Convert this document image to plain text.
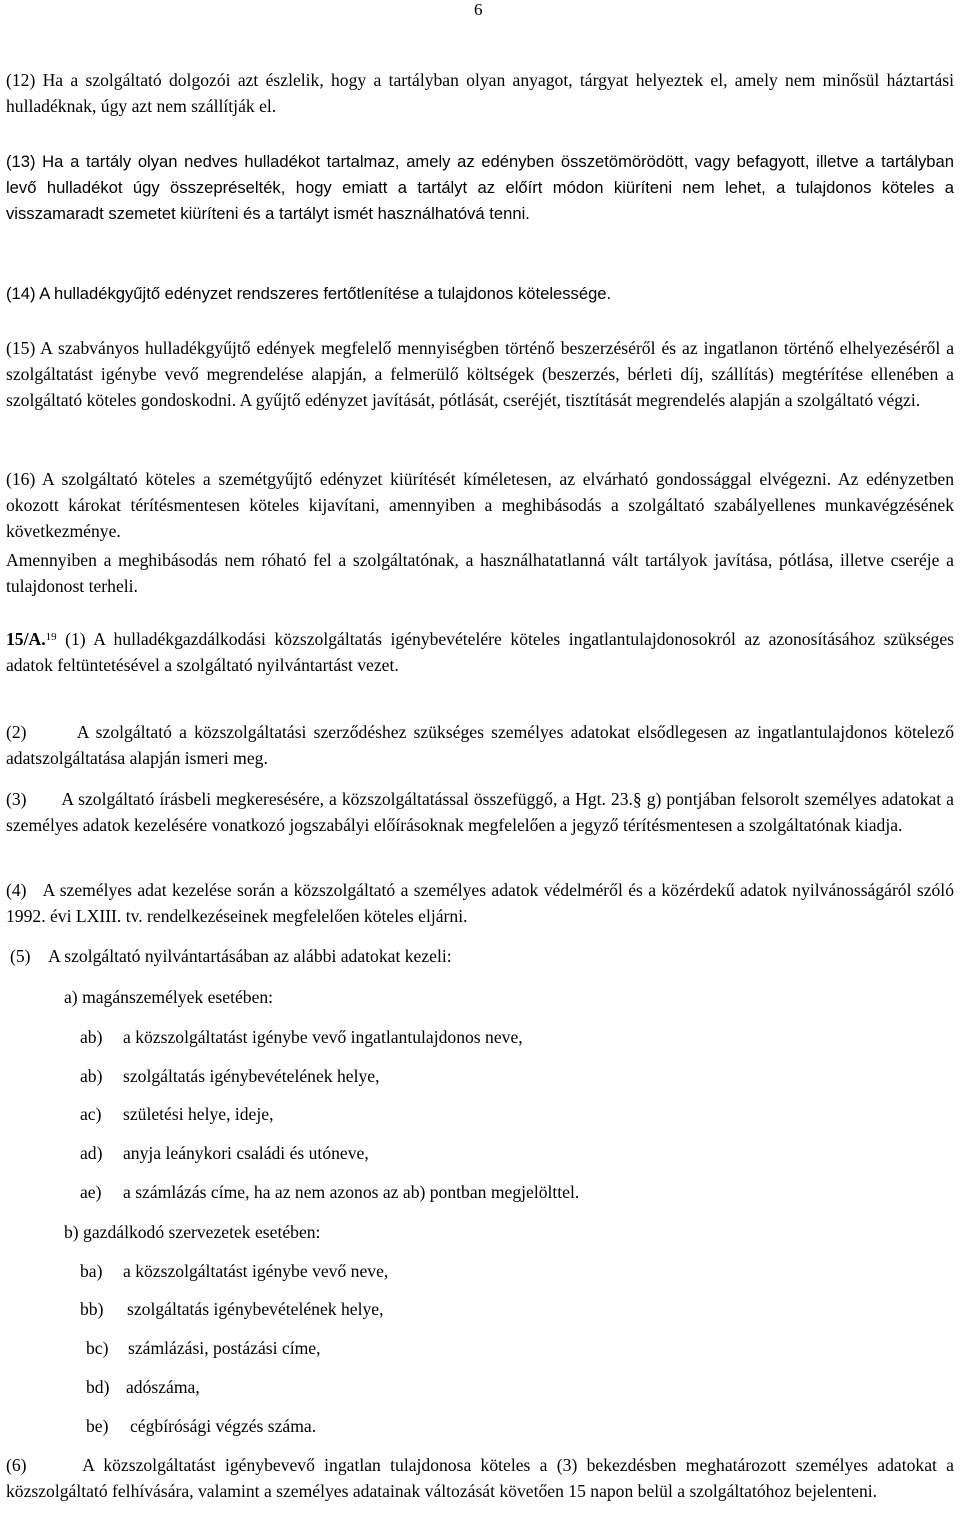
6

(12) Ha a szolgáltató dolgozói azt észlelik, hogy a tartályban olyan anyagot, tárgyat helyeztek el, amely nem minősül háztartási hulladéknak, úgy azt nem szállítják el.

(13) Ha a tartály olyan nedves hulladékot tartalmaz, amely az edényben összetömörödött, vagy befagyott, illetve a tartályban levő hulladékot úgy összepréselték, hogy emiatt a tartályt az előírt módon kiüríteni nem lehet, a tulajdonos köteles a visszamaradt szemetet kiüríteni és a tartályt ismét használhatóvá tenni.

(14) A hulladékgyűjtő edényzet rendszeres fertőtlenítése a tulajdonos kötelessége.

(15) A szabványos hulladékgyűjtő edények megfelelő mennyiségben történő beszerzéséről és az ingatlanon történő elhelyezéséről a szolgáltatást igénybe vevő megrendelése alapján, a felmerülő költségek (beszerzés, bérleti díj, szállítás) megtérítése ellenében a szolgáltató köteles gondoskodni. A gyűjtő edényzet javítását, pótlását, cseréjét, tisztítását megrendelés alapján a szolgáltató végzi.

(16) A szolgáltató köteles a szemétgyűjtő edényzet kiürítését kíméletesen, az elvárható gondossággal elvégezni. Az edényzetben okozott károkat térítésmentesen köteles kijavítani, amennyiben a meghibásodás a szolgáltató szabályellenes munkavégzésének következménye.

Amennyiben a meghibásodás nem róható fel a szolgáltatónak, a használhatatlanná vált tartályok javítása, pótlása, illetve cseréje a tulajdonost terheli.

15/A.$^{19}$ (1) A hulladékgazdálkodási közszolgáltatás igénybevételére köteles ingatlantulajdonosokról az azonosításához szükséges adatok feltüntetésével a szolgáltató nyilvántartást vezet.

(2)       A szolgáltató a közszolgáltatási szerződéshez szükséges személyes adatokat elsődlegesen az ingatlantulajdonos kötelező adatszolgáltatása alapján ismeri meg.

(3)       A szolgáltató írásbeli megkeresésére, a közszolgáltatással összefüggő, a Hgt. 23.§ g) pontjában felsorolt személyes adatokat a személyes adatok kezelésére vonatkozó jogszabályi előírásoknak megfelelően a jegyző térítésmentesen a szolgáltatónak kiadja.

(4)   A személyes adat kezelése során a közszolgáltató a személyes adatok védelméről és a közérdekű adatok nyilvánosságáról szóló 1992. évi LXIII. tv. rendelkezéseinek megfelelően köteles eljárni.

(5)    A szolgáltató nyilvántartásában az alábbi adatokat kezeli:

a) magánszemélyek esetében:

ab) a közszolgáltatást igénybe vevő ingatlantulajdonos neve,

ab) szolgáltatás igénybevételének helye,

ac) születési helye, ideje,

ad) anyja leánykori családi és utóneve,

ae) a számlázás címe, ha az nem azonos az ab) pontban megjelölttel.

b) gazdálkodó szervezetek esetében:

ba) a közszolgáltatást igénybe vevő neve,

bb) szolgáltatás igénybevételének helye,

bc) számlázási, postázási címe,

bd) adószáma,

be) cégbírósági végzés száma.

(6)      A közszolgáltatást igénybevevő ingatlan tulajdonosa köteles a (3) bekezdésben meghatározott személyes adatokat a közszolgáltató felhívására, valamint a személyes adatainak változását követően 15 napon belül a szolgáltatóhoz bejelenteni.
